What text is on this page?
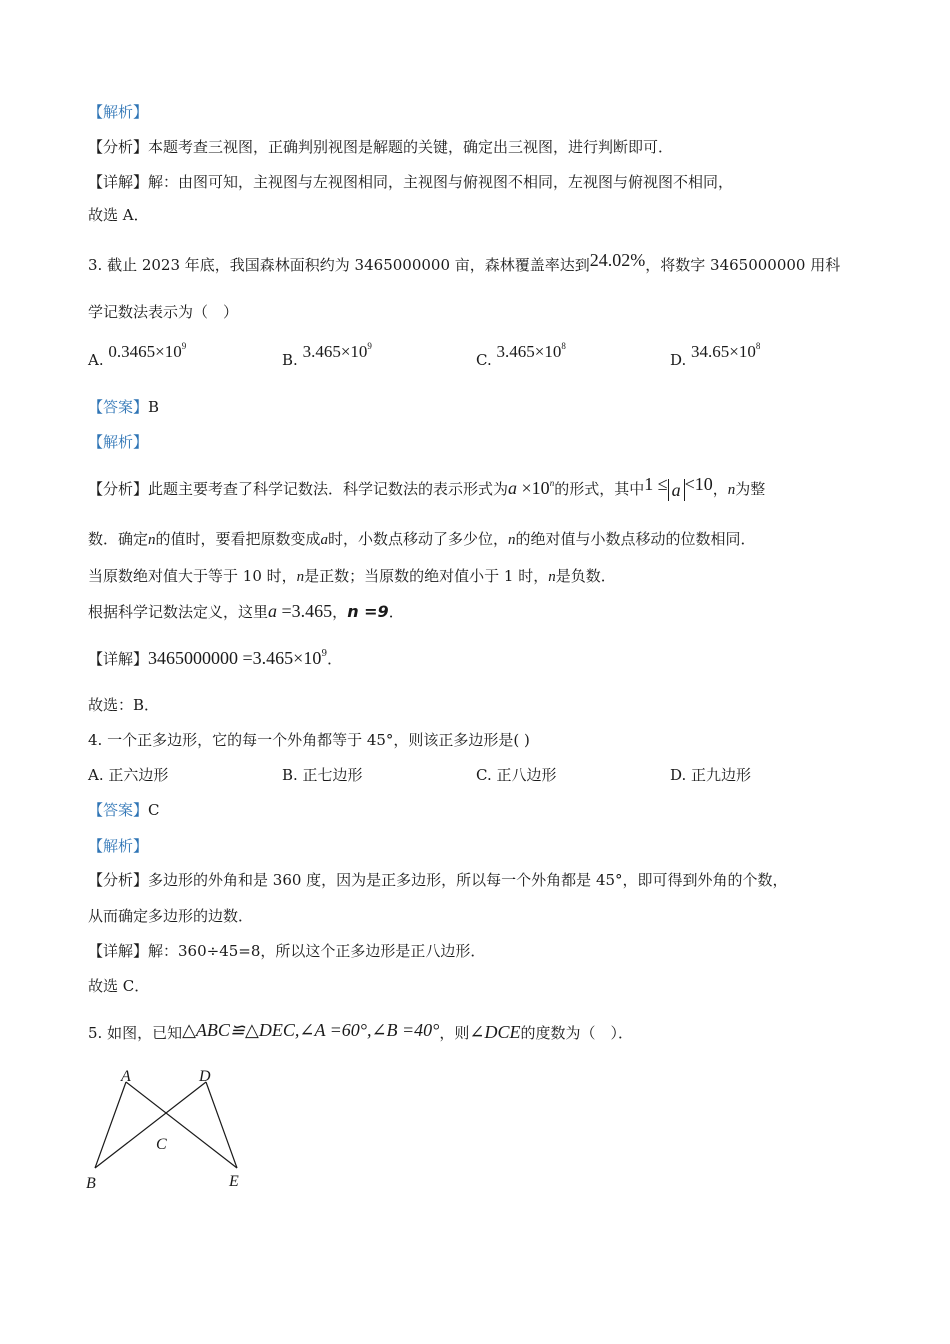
【解析】
【分析】本题考查三视图，正确判别视图是解题的关键，确定出三视图，进行判断即可．
【详解】解：由图可知，主视图与左视图相同，主视图与俯视图不相同，左视图与俯视图不相同，
故选 A．
3. 截止 2023 年底，我国森林面积约为 3465000000 亩，森林覆盖率达到24.02%，将数字 3465000000 用科
学记数法表示为（　）
A. $0.3465\times 10^9$
B. $3.465\times 10^9$
C. $3.465\times 10^8$
D. $34.65\times 10^8$
【答案】B
【解析】
【分析】此题主要考查了科学记数法．科学记数法的表示形式为$a \times 10^n$的形式，其中1 ≤ a <10，n为整
数．确定n的值时，要看把原数变成a时，小数点移动了多少位，n的绝对值与小数点移动的位数相同．
当原数绝对值大于等于 10 时，n是正数；当原数的绝对值小于 1 时，n是负数．
根据科学记数法定义，这里a =3.465，n =9．
【详解】$3465000000 =3.465\times 10^9$．
故选：B．
4. 一个正多边形，它的每一个外角都等于 45°，则该正多边形是( )
A. 正六边形	B. 正七边形	C. 正八边形	D. 正九边形
【答案】C
【解析】
【分析】多边形的外角和是 360 度，因为是正多边形，所以每一个外角都是 45°，即可得到外角的个数，
从而确定多边形的边数．
【详解】解：360÷45=8，所以这个正多边形是正八边形．
故选 C．
5. 如图，已知△ABC≌△DEC,∠A =60°,∠B =40°，则∠DCE的度数为（　）．
A	D
C
B	E
